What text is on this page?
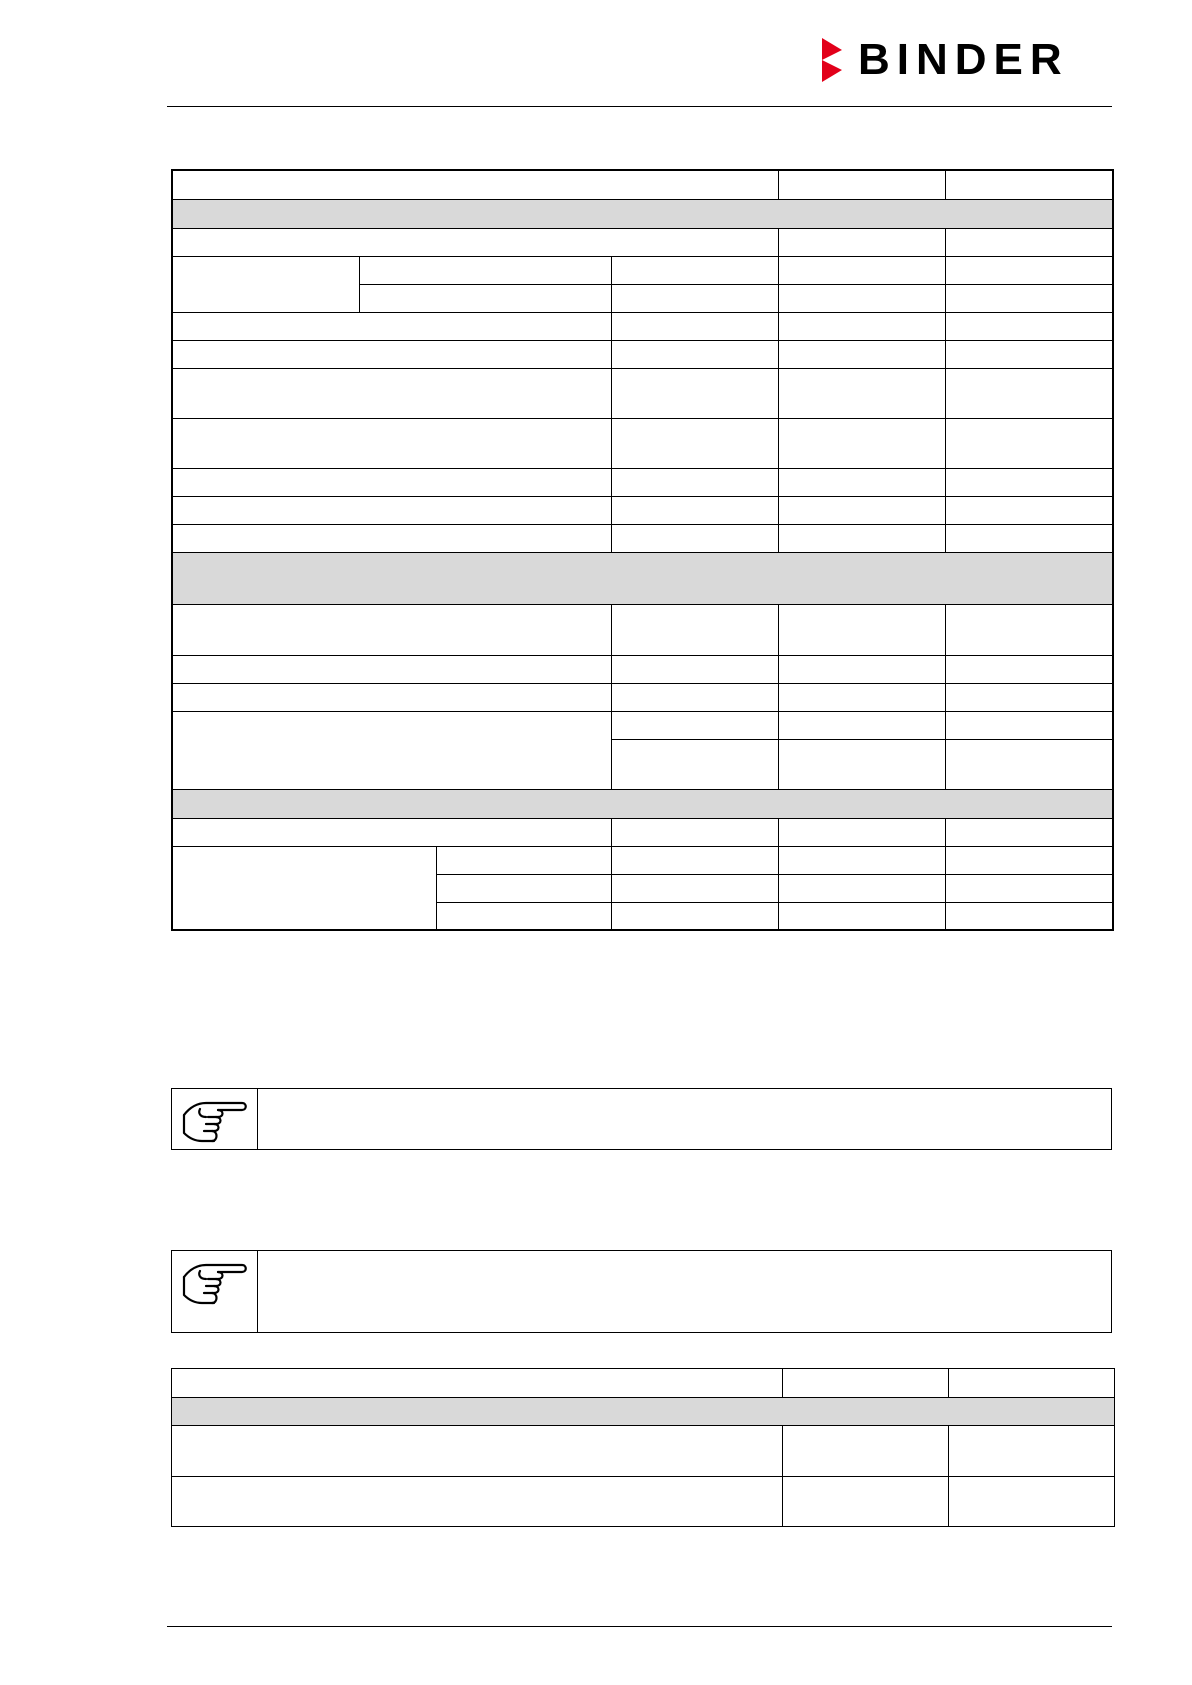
BINDER
